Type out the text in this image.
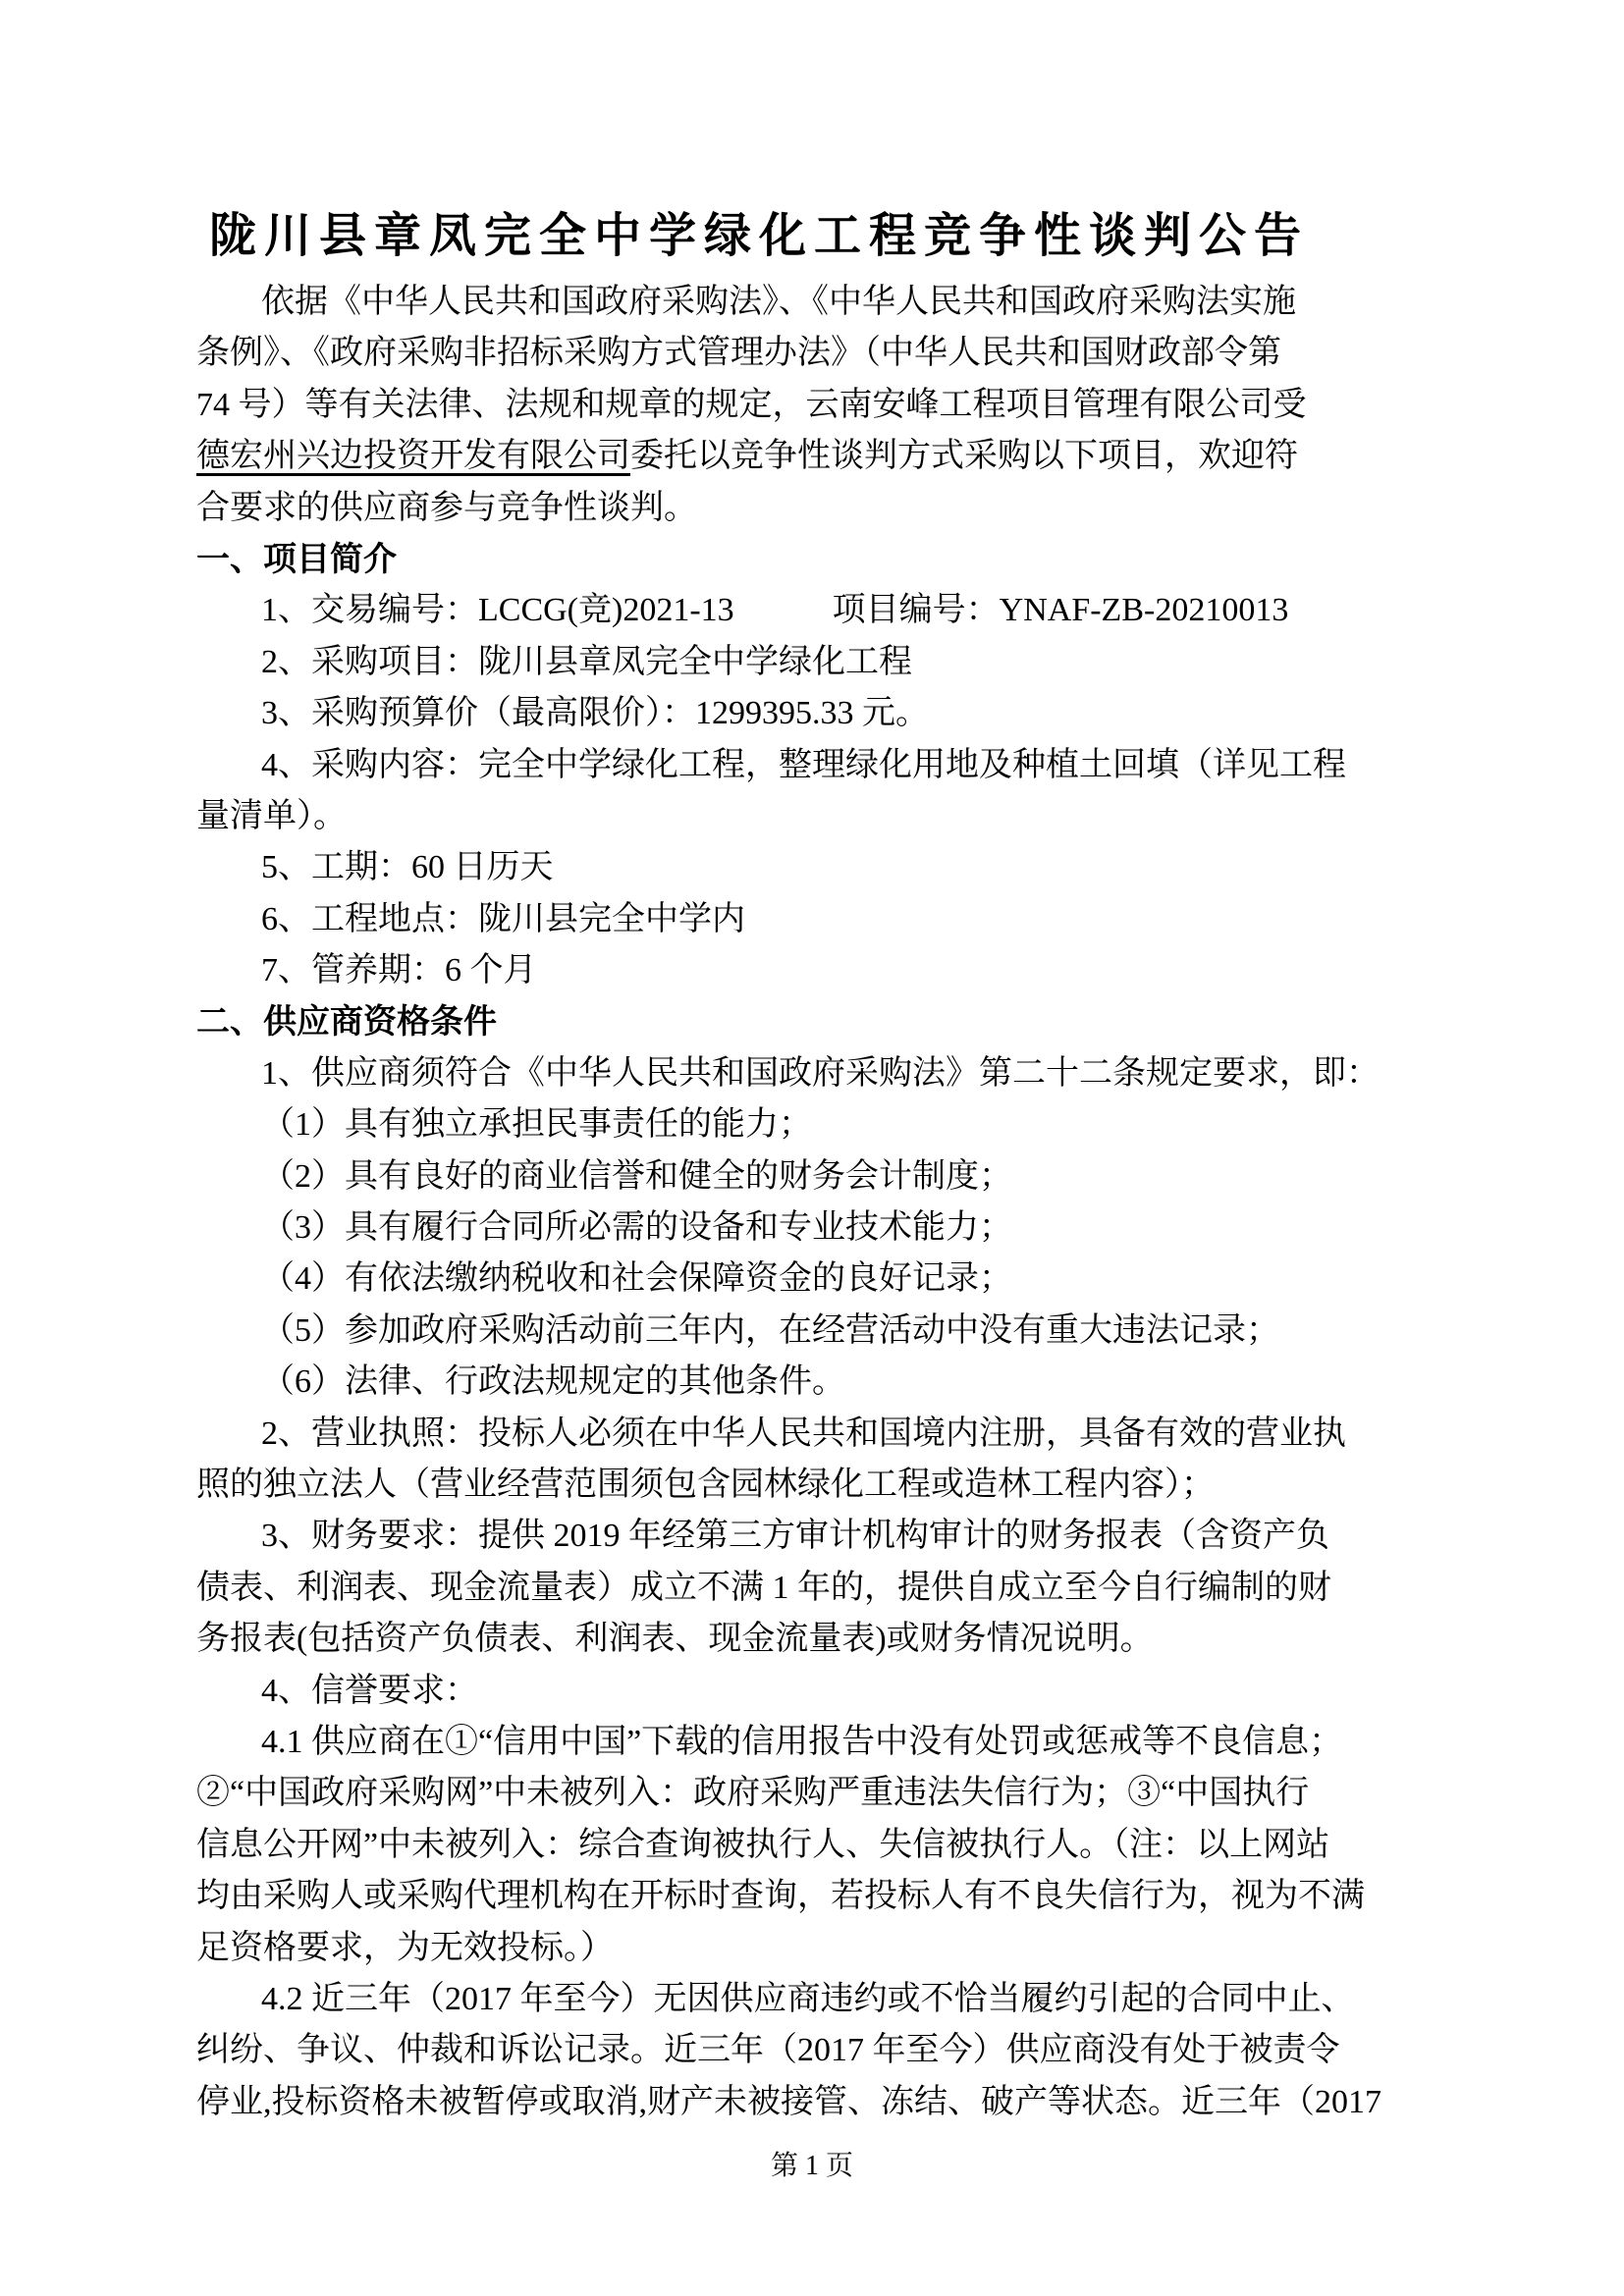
陇川县章凤完全中学绿化工程竞争性谈判公告
依据《中华人民共和国政府采购法》、《中华人民共和国政府采购法实施
条例》、《政府采购非招标采购方式管理办法》（中华人民共和国财政部令第
74 号）等有关法律、法规和规章的规定，云南安峰工程项目管理有限公司受
德宏州兴边投资开发有限公司委托以竞争性谈判方式采购以下项目，欢迎符
合要求的供应商参与竞争性谈判。
一、项目简介
1、交易编号：LCCG(竞)2021-13	项目编号：YNAF-ZB-20210013
2、采购项目：陇川县章凤完全中学绿化工程
3、采购预算价（最高限价）：1299395.33 元。
4、采购内容：完全中学绿化工程，整理绿化用地及种植土回填（详见工程
量清单）。
5、工期：60 日历天
6、工程地点：陇川县完全中学内
7、管养期：6 个月
二、供应商资格条件
1、供应商须符合《中华人民共和国政府采购法》第二十二条规定要求，即：
（1）具有独立承担民事责任的能力；
（2）具有良好的商业信誉和健全的财务会计制度；
（3）具有履行合同所必需的设备和专业技术能力；
（4）有依法缴纳税收和社会保障资金的良好记录；
（5）参加政府采购活动前三年内，在经营活动中没有重大违法记录；
（6）法律、行政法规规定的其他条件。
2、营业执照：投标人必须在中华人民共和国境内注册，具备有效的营业执
照的独立法人（营业经营范围须包含园林绿化工程或造林工程内容）；
3、财务要求：提供 2019 年经第三方审计机构审计的财务报表（含资产负
债表、利润表、现金流量表）成立不满 1 年的，提供自成立至今自行编制的财
务报表(包括资产负债表、利润表、现金流量表)或财务情况说明。
4、信誉要求：
4.1 供应商在①“信用中国”下载的信用报告中没有处罚或惩戒等不良信息；
②“中国政府采购网”中未被列入：政府采购严重违法失信行为；③“中国执行
信息公开网”中未被列入：综合查询被执行人、失信被执行人。（注：以上网站
均由采购人或采购代理机构在开标时查询，若投标人有不良失信行为，视为不满
足资格要求，为无效投标。）
4.2 近三年（2017 年至今）无因供应商违约或不恰当履约引起的合同中止、
纠纷、争议、仲裁和诉讼记录。近三年（2017 年至今）供应商没有处于被责令
停业,投标资格未被暂停或取消,财产未被接管、冻结、破产等状态。近三年（2017
第 1 页
